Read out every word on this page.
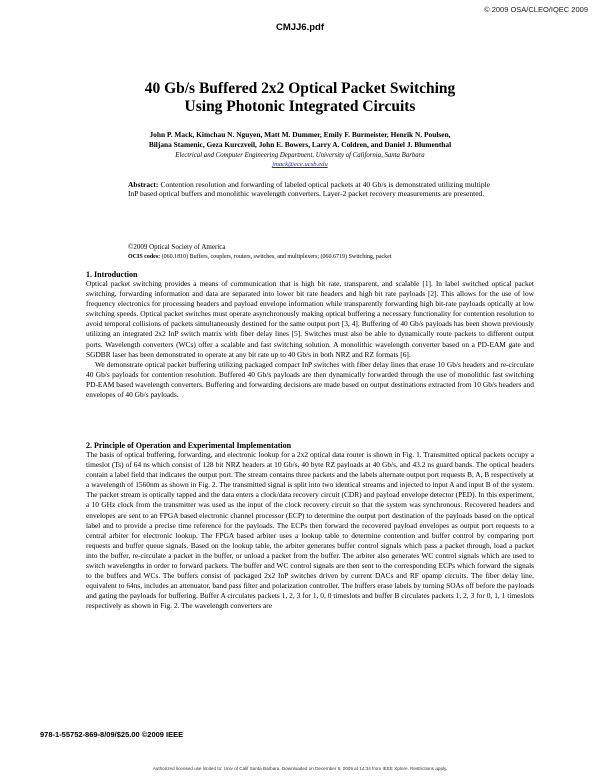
© 2009 OSA/CLEO/IQEC 2009
CMJJ6.pdf
40 Gb/s Buffered 2x2 Optical Packet Switching
Using Photonic Integrated Circuits
John P. Mack, Kimchau N. Nguyen, Matt M. Dummer, Emily F. Burmeister, Henrik N. Poulsen,
Biljana Stamenic, Geza Kurczveil, John E. Bowers, Larry A. Coldren, and Daniel J. Blumenthal
Electrical and Computer Engineering Department, University of California, Santa Barbara
jmack@ece.ucsb.edu
Abstract: Contention resolution and forwarding of labeled optical packets at 40 Gb/s is demonstrated utilizing multiple InP based optical buffers and monolithic wavelength converters. Layer-2 packet recovery measurements are presented.
©2009 Optical Society of America
OCIS codes: (060.1810) Buffers, couplers, routers, switches, and multiplexers; (060.6719) Switching, packet

1. Introduction

Optical packet switching provides a means of communication that is high bit rate, transparent, and scalable [1]. In label switched optical packet switching, forwarding information and data are separated into lower bit rate headers and high bit rate payloads [2]. This allows for the use of low frequency electronics for processing headers and payload envelope information while transparently forwarding high bit-rate payloads optically at low switching speeds. Optical packet switches must operate asynchronously making optical buffering a necessary functionality for contention resolution to avoid temporal collisions of packets simultaneously destined for the same output port [3, 4]. Buffering of 40 Gb/s payloads has been shown previously utilizing an integrated 2x2 InP switch matrix with fiber delay lines [5]. Switches must also be able to dynamically route packets to different output ports. Wavelength converters (WCs) offer a scalable and fast switching solution. A monolithic wavelength converter based on a PD-EAM gate and SGDBR laser has been demonstrated to operate at any bit rate up to 40 Gb/s in both NRZ and RZ formats [6].

We demonstrate optical packet buffering utilizing packaged compact InP switches with fiber delay lines that erase 10 Gb/s headers and re-circulate 40 Gb/s payloads for contention resolution. Buffered 40 Gb/s payloads are then dynamically forwarded through the use of monolithic fast switching PD-EAM based wavelength converters. Buffering and forwarding decisions are made based on output destinations extracted from 10 Gb/s headers and envelopes of 40 Gb/s payloads.

2. Principle of Operation and Experimental Implementation

The basis of optical buffering, forwarding, and electronic lookup for a 2x2 optical data router is shown in Fig. 1. Transmitted optical packets occupy a timeslot (Ts) of 64 ns which consist of 128 bit NRZ headers at 10 Gb/s, 40 byte RZ payloads at 40 Gb/s, and 43.2 ns guard bands. The optical headers contain a label field that indicates the output port. The stream contains three packets and the labels alternate output port requests B, A, B respectively at a wavelength of 1560nm as shown in Fig. 2. The transmitted signal is split into two identical streams and injected to input A and input B of the system. The packet stream is optically tapped and the data enters a clock/data recovery circuit (CDR) and payload envelope detector (PED). In this experiment, a 10 GHz clock from the transmitter was used as the input of the clock recovery circuit so that the system was synchronous. Recovered headers and envelopes are sent to an FPGA based electronic channel processor (ECP) to determine the output port destination of the payloads based on the optical label and to provide a precise time reference for the payloads. The ECPs then forward the recovered payload envelopes as output port requests to a central arbiter for electronic lookup. The FPGA based arbiter uses a lookup table to determine contention and buffer control by comparing port requests and buffer queue signals. Based on the lookup table, the arbiter generates buffer control signals which pass a packet through, load a packet into the buffer, re-circulate a packet in the buffer, or unload a packet from the buffer. The arbiter also generates WC control signals which are used to switch wavelengths in order to forward packets. The buffer and WC control signals are then sent to the corresponding ECPs which forward the signals to the buffers and WCs. The buffers consist of packaged 2x2 InP switches driven by current DACs and RF opamp circuits. The fiber delay line, equivalent to 64ns, includes an attenuator, band pass filter and polarization controller. The buffers erase labels by turning SOAs off before the payloads and gating the payloads for buffering. Buffer A circulates packets 1, 2, 3 for 1, 0, 0 timeslots and buffer B circulates packets 1, 2, 3 for 0, 1, 1 timeslots respectively as shown in Fig. 2. The wavelength converters are

978-1-55752-869-8/09/$25.00 ©2009 IEEE
Authorized licensed use limited to: Univ of Calif Santa Barbara. Downloaded on December 8, 2009 at 14:34 from IEEE Xplore. Restrictions apply.
